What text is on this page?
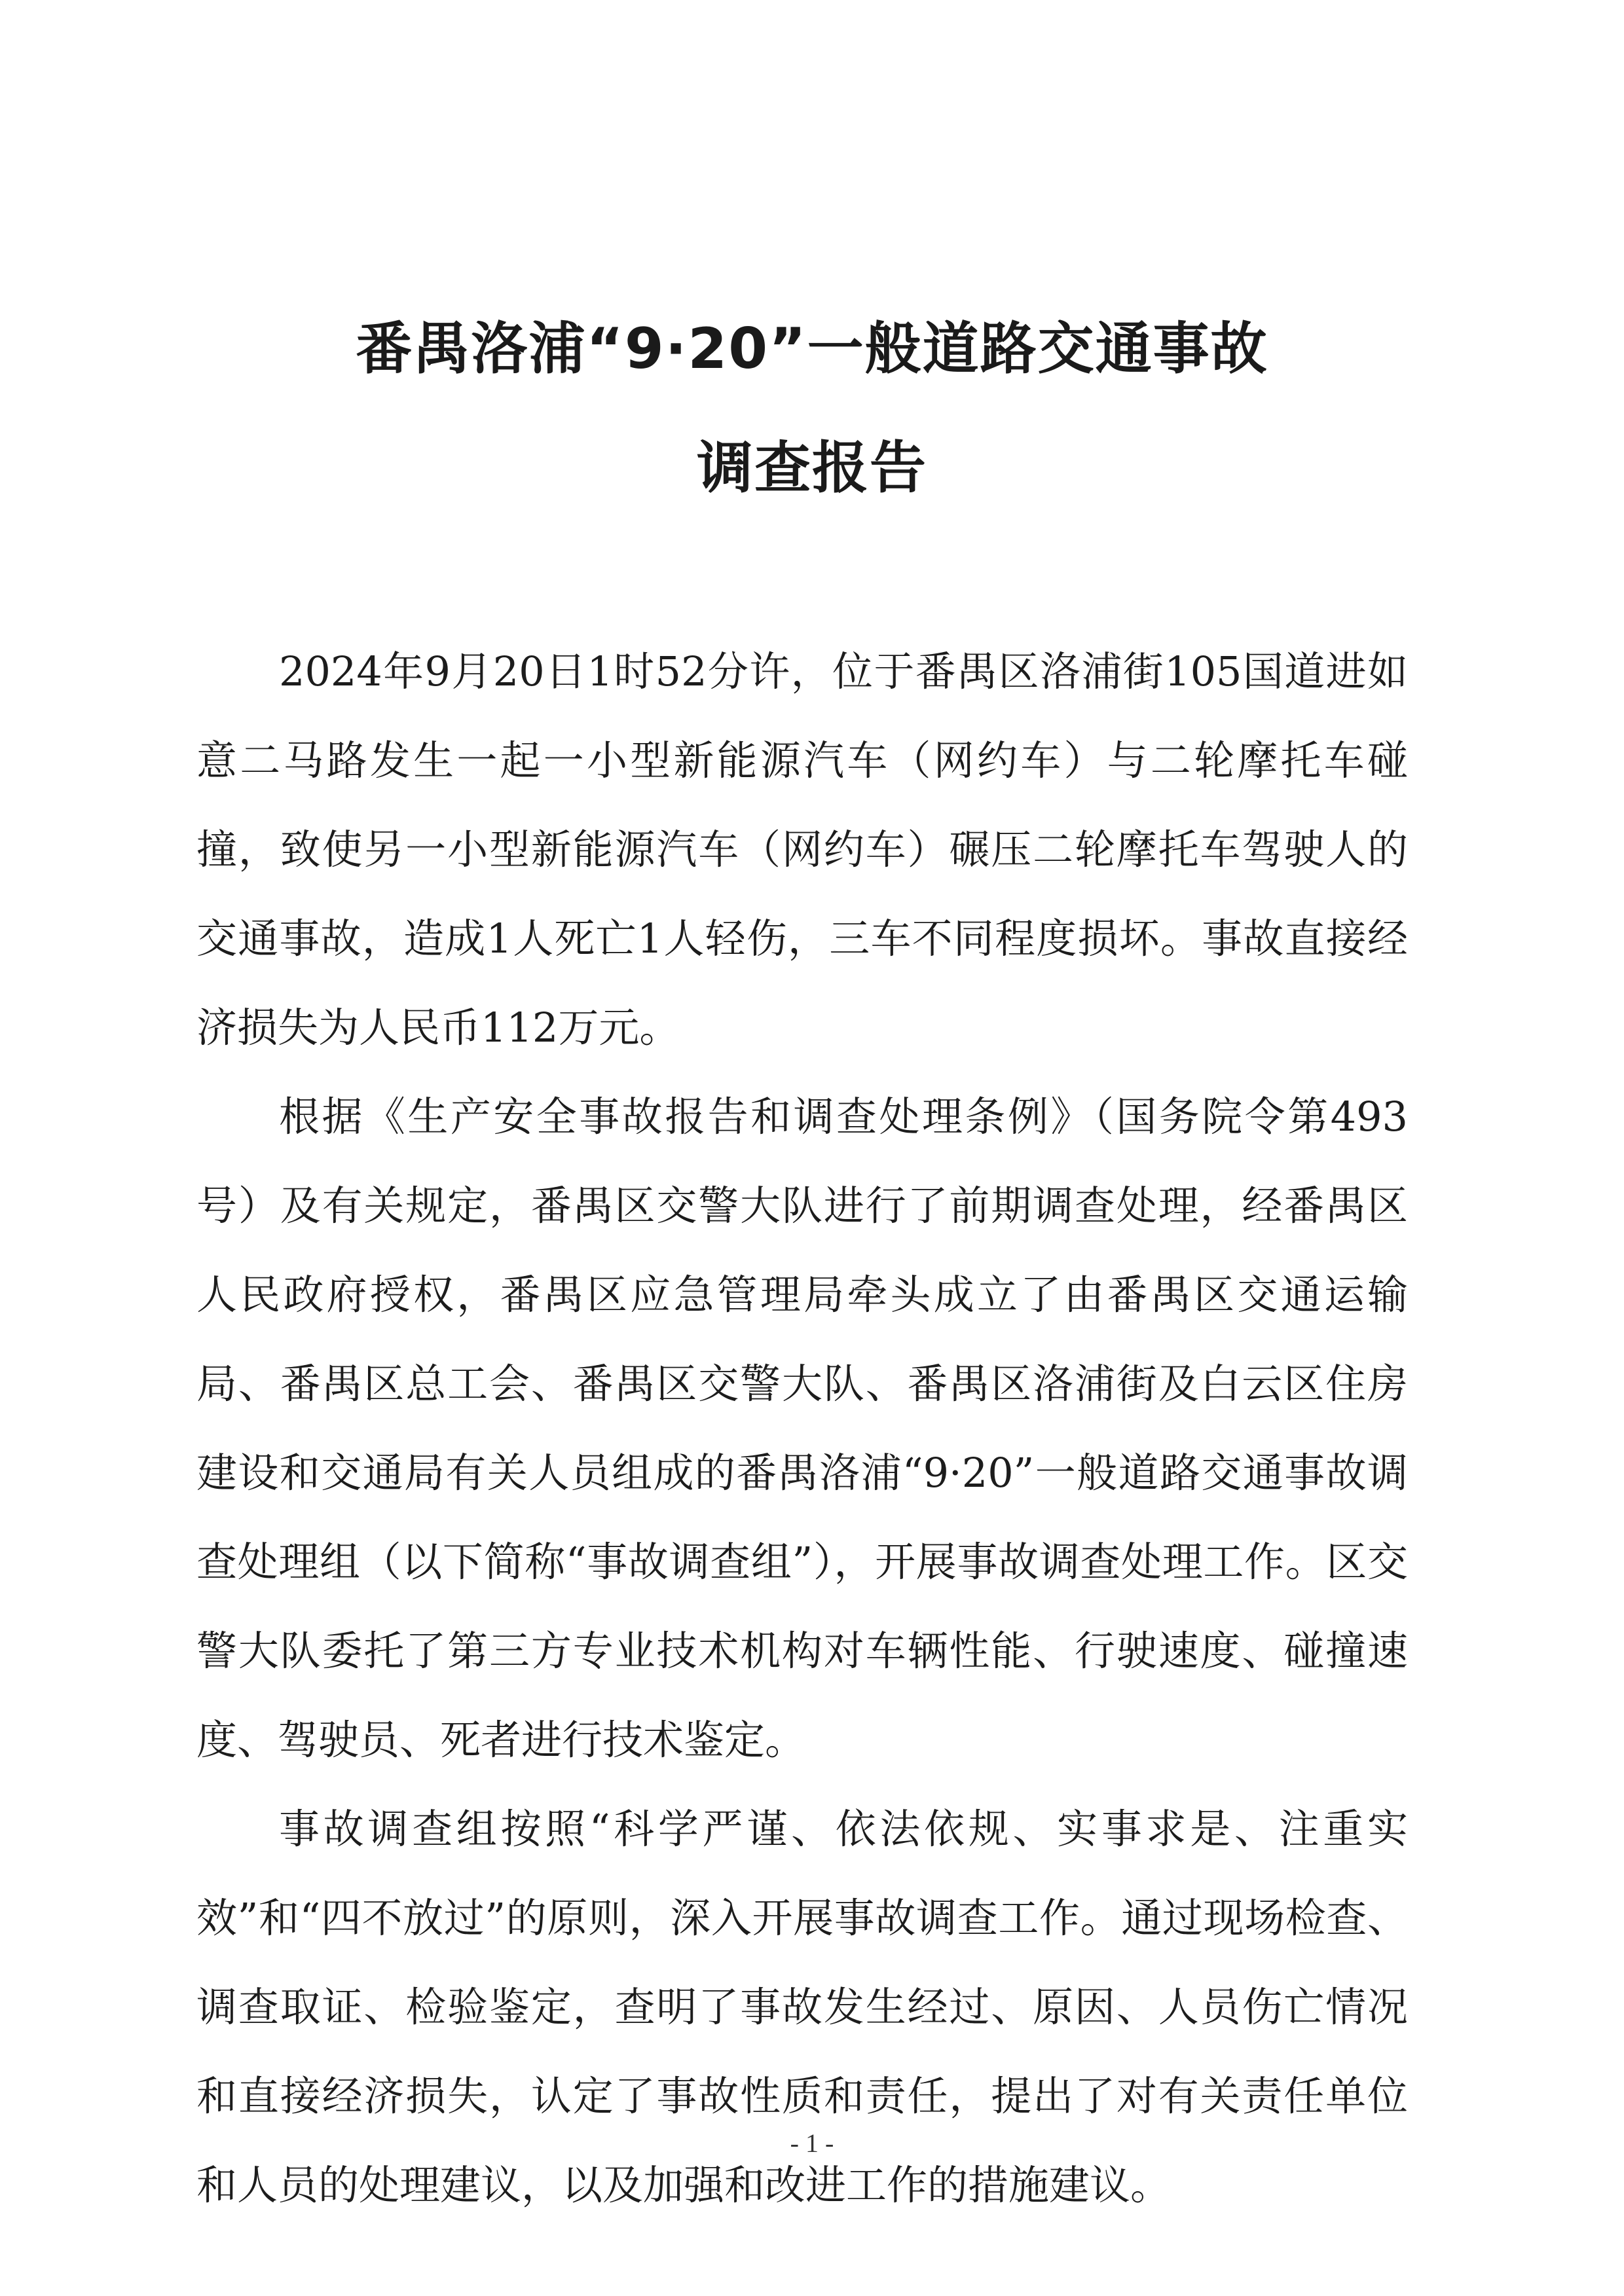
番禺洛浦“9·20”一般道路交通事故
调查报告

2024年9月20日1时52分许，位于番禺区洛浦街105国道进如意二马路发生一起一小型新能源汽车（网约车）与二轮摩托车碰撞，致使另一小型新能源汽车（网约车）碾压二轮摩托车驾驶人的交通事故，造成1人死亡1人轻伤，三车不同程度损坏。事故直接经济损失为人民币112万元。

根据《生产安全事故报告和调查处理条例》（国务院令第493号）及有关规定，番禺区交警大队进行了前期调查处理，经番禺区人民政府授权，番禺区应急管理局牵头成立了由番禺区交通运输局、番禺区总工会、番禺区交警大队、番禺区洛浦街及白云区住房建设和交通局有关人员组成的番禺洛浦“9·20”一般道路交通事故调查处理组（以下简称“事故调查组”），开展事故调查处理工作。区交警大队委托了第三方专业技术机构对车辆性能、行驶速度、碰撞速度、驾驶员、死者进行技术鉴定。

事故调查组按照“科学严谨、依法依规、实事求是、注重实效”和“四不放过”的原则，深入开展事故调查工作。通过现场检查、调查取证、检验鉴定，查明了事故发生经过、原因、人员伤亡情况和直接经济损失，认定了事故性质和责任，提出了对有关责任单位和人员的处理建议，以及加强和改进工作的措施建议。

- 1 -
